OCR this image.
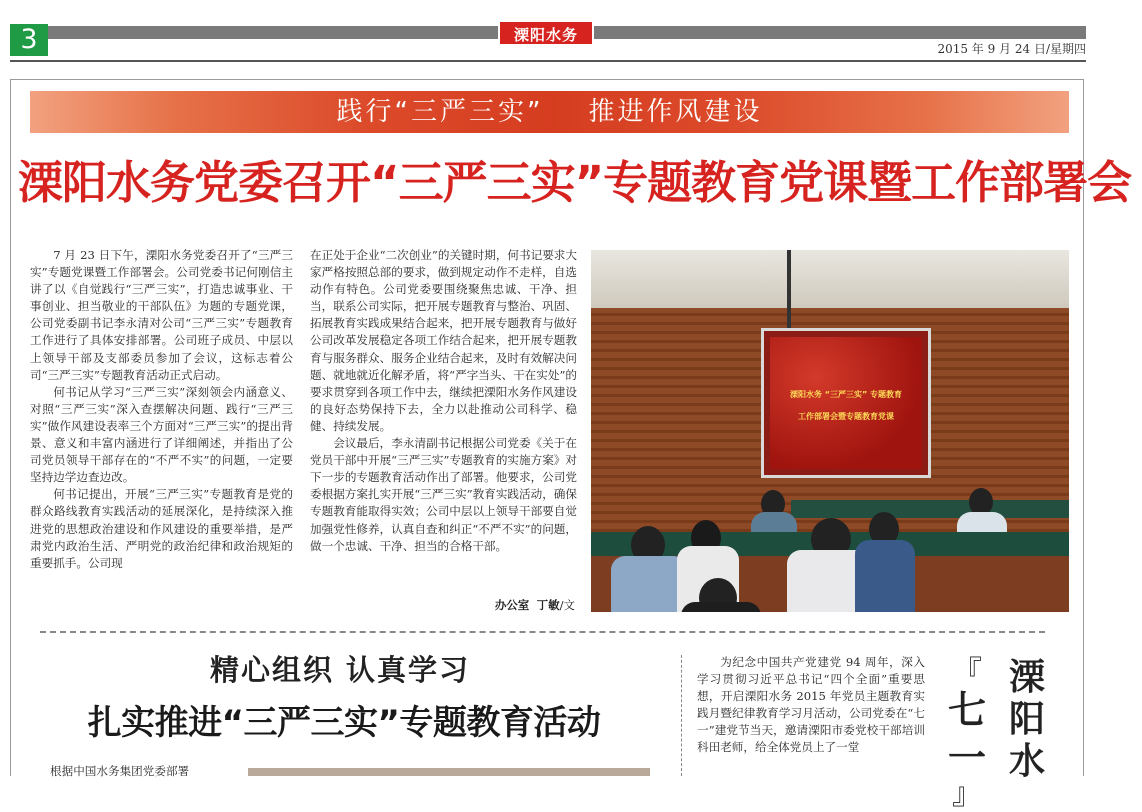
3	溧阳水务
2015 年 9 月 24 日/星期四
践行“三严三实”    推进作风建设
溧阳水务党委召开“三严三实”专题教育党课暨工作部署会

7 月 23 日下午，溧阳水务党委召开了“三严三实”专题党课暨工作部署会。公司党委书记何刚信主讲了以《自觉践行“三严三实”，打造忠诚事业、干事创业、担当敬业的干部队伍》为题的专题党课，公司党委副书记李永清对公司“三严三实”专题教育工作进行了具体安排部署。公司班子成员、中层以上领导干部及支部委员参加了会议，这标志着公司“三严三实”专题教育活动正式启动。

何书记从学习“三严三实”深刻领会内涵意义、对照“三严三实”深入查摆解决问题、践行“三严三实”做作风建设表率三个方面对“三严三实”的提出背景、意义和丰富内涵进行了详细阐述，并指出了公司党员领导干部存在的“不严不实”的问题，一定要坚持边学边查边改。

何书记提出，开展“三严三实”专题教育是党的群众路线教育实践活动的延展深化，是持续深入推进党的思想政治建设和作风建设的重要举措，是严肃党内政治生活、严明党的政治纪律和政治规矩的重要抓手。公司现

在正处于企业“二次创业”的关键时期，何书记要求大家严格按照总部的要求，做到规定动作不走样，自选动作有特色。公司党委要围绕聚焦忠诚、干净、担当，联系公司实际，把开展专题教育与整治、巩固、拓展教育实践成果结合起来，把开展专题教育与做好公司改革发展稳定各项工作结合起来，把开展专题教育与服务群众、服务企业结合起来，及时有效解决问题、就地就近化解矛盾，将“严字当头、干在实处”的要求贯穿到各项工作中去，继续把溧阳水务作风建设的良好态势保持下去，全力以赴推动公司科学、稳健、持续发展。

会议最后，李永清副书记根据公司党委《关于在党员干部中开展“三严三实”专题教育的实施方案》对下一步的专题教育活动作出了部署。他要求，公司党委根据方案扎实开展“三严三实”教育实践活动，确保专题教育能取得实效；公司中层以上领导干部要自觉加强党性修养，认真自查和纠正“不严不实”的问题，做一个忠诚、干净、担当的合格干部。

办公室 丁敏/文
溧阳水务 “三严三实” 专题教育
工作部署会暨专题教育党课
精心组织 认真学习
扎实推进“三严三实”专题教育活动
根据中国水务集团党委部署

为纪念中国共产党建党 94 周年，深入学习贯彻习近平总书记“四个全面”重要思想，开启溧阳水务 2015 年党员主题教育实践月暨纪律教育学习月活动，公司党委在“七一”建党节当天，邀请溧阳市委党校干部培训科田老师，给全体党员上了一堂

『
七
一
』
溧
阳
水
